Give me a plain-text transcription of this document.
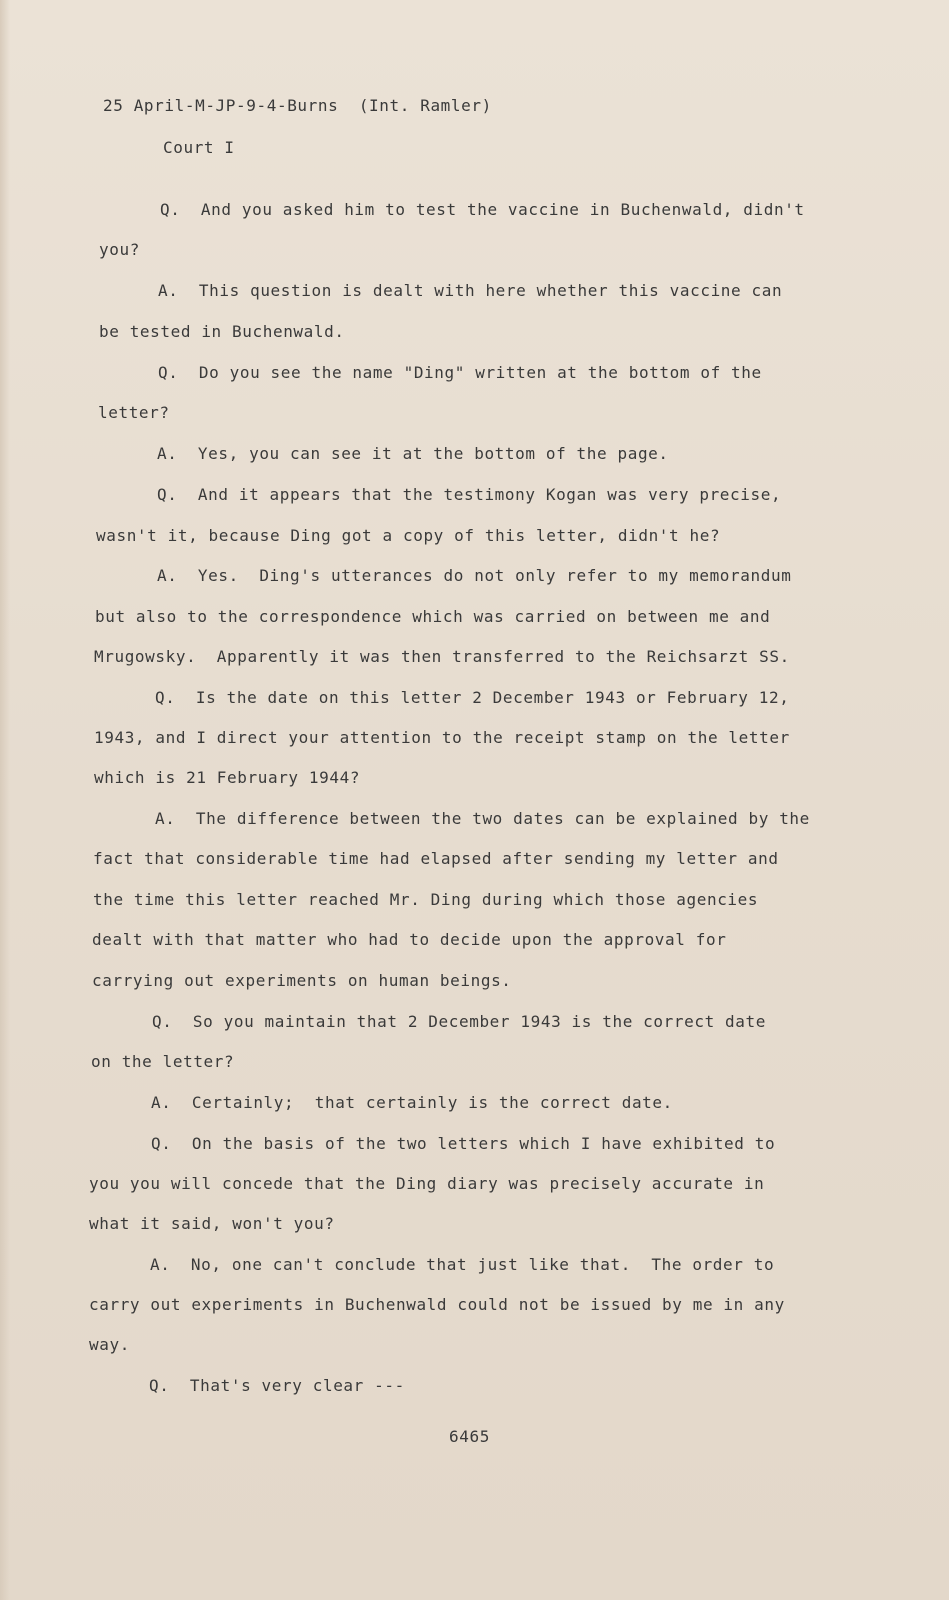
25 April-M-JP-9-4-Burns  (Int. Ramler)
Court I
Q.  And you asked him to test the vaccine in Buchenwald, didn't
you?
A.  This question is dealt with here whether this vaccine can
be tested in Buchenwald.
Q.  Do you see the name "Ding" written at the bottom of the
letter?
A.  Yes, you can see it at the bottom of the page.
Q.  And it appears that the testimony Kogan was very precise,
wasn't it, because Ding got a copy of this letter, didn't he?
A.  Yes.  Ding's utterances do not only refer to my memorandum
but also to the correspondence which was carried on between me and
Mrugowsky.  Apparently it was then transferred to the Reichsarzt SS.
Q.  Is the date on this letter 2 December 1943 or February 12,
1943, and I direct your attention to the receipt stamp on the letter
which is 21 February 1944?
A.  The difference between the two dates can be explained by the
fact that considerable time had elapsed after sending my letter and
the time this letter reached Mr. Ding during which those agencies
dealt with that matter who had to decide upon the approval for
carrying out experiments on human beings.
Q.  So you maintain that 2 December 1943 is the correct date
on the letter?
A.  Certainly;  that certainly is the correct date.
Q.  On the basis of the two letters which I have exhibited to
you you will concede that the Ding diary was precisely accurate in
what it said, won't you?
A.  No, one can't conclude that just like that.  The order to
carry out experiments in Buchenwald could not be issued by me in any
way.
Q.  That's very clear ---
6465
